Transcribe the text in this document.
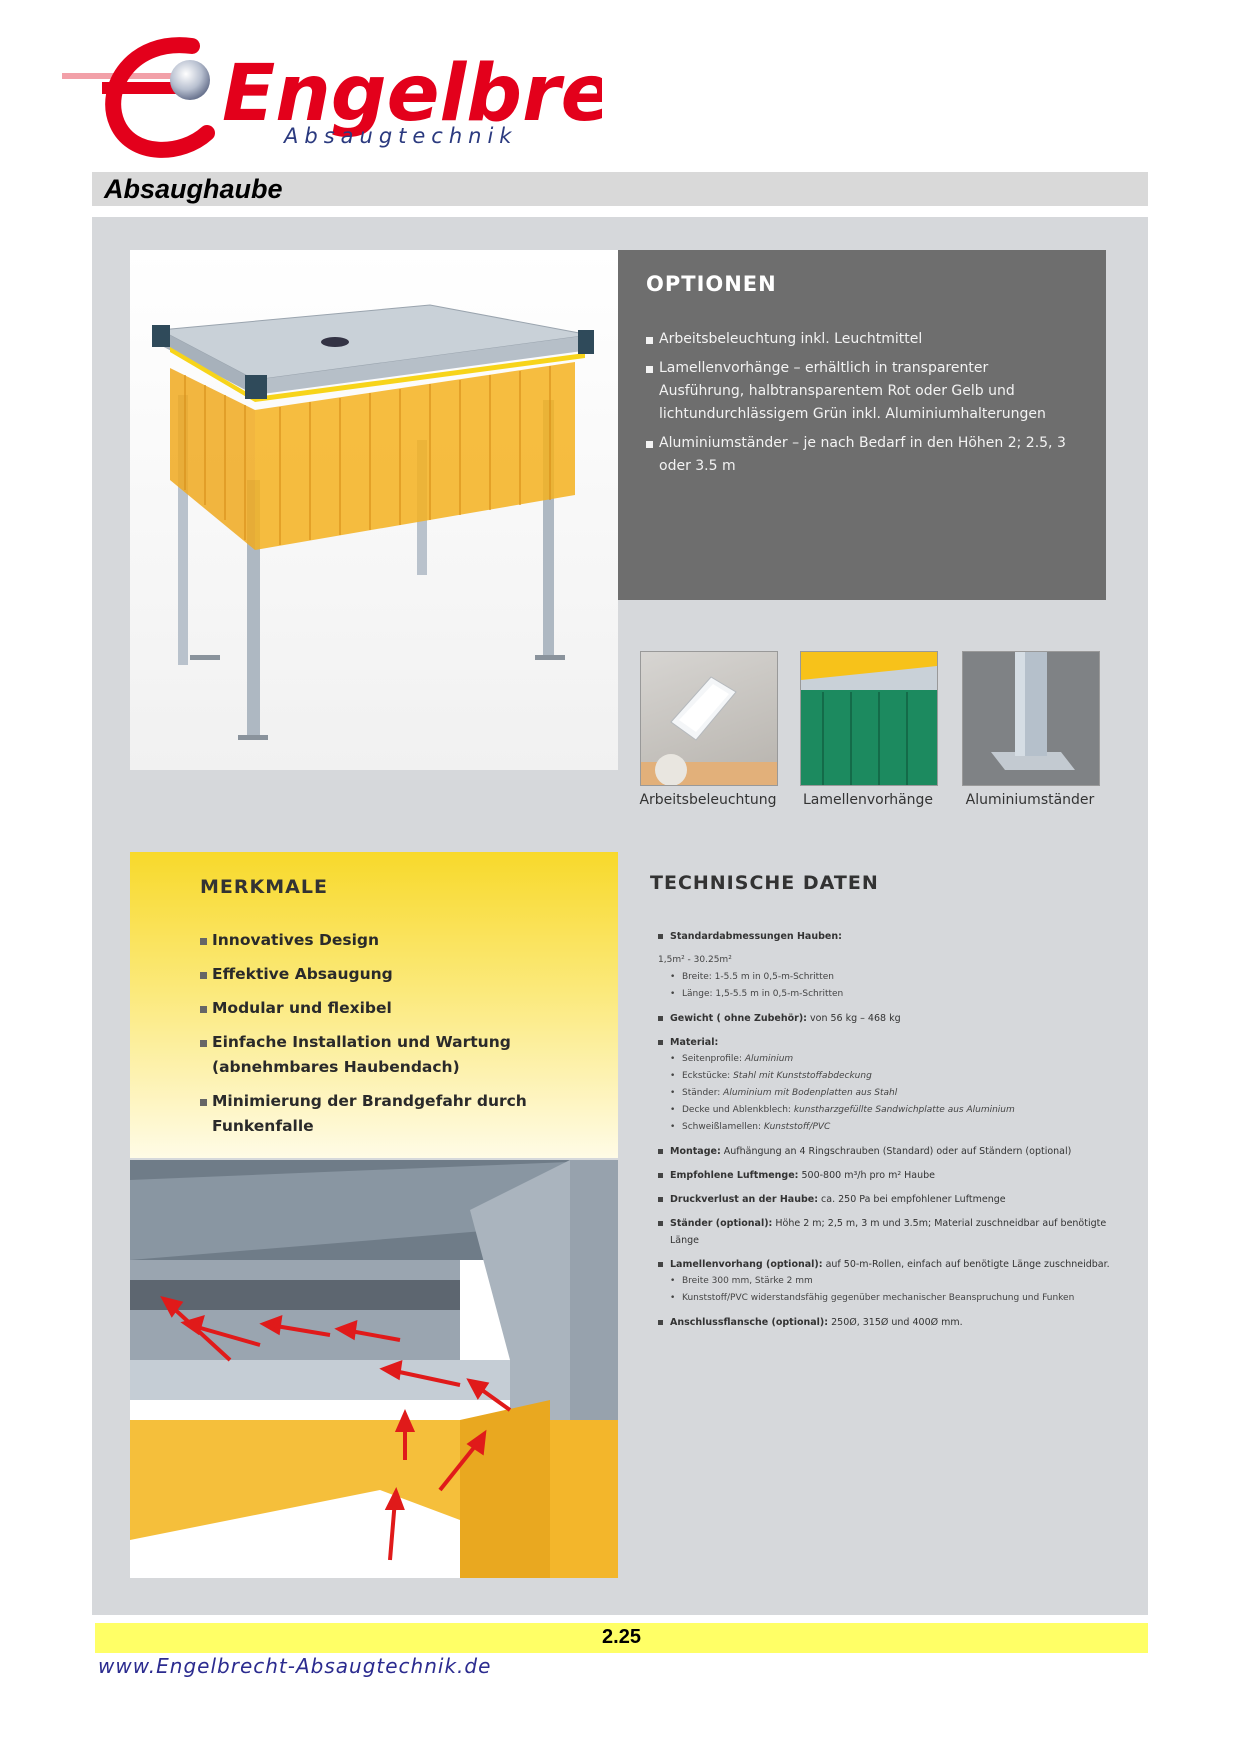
Engelbre
Absaugtechnik
Absaughaube
OPTIONEN
Arbeitsbeleuchtung inkl. Leuchtmittel
Lamellenvorhänge – erhältlich in transparenter Ausführung, halbtransparentem Rot oder Gelb und lichtundurchlässigem Grün inkl. Aluminiumhalterungen
Aluminiumständer – je nach Bedarf in den Höhen 2; 2.5, 3 oder 3.5 m
Arbeitsbeleuchtung	Lamellenvorhänge	Aluminiumständer
MERKMALE
Innovatives Design
Effektive Absaugung
Modular und flexibel
Einfache Installation und Wartung (abnehmbares Haubendach)
Minimierung der Brandgefahr durch Funkenfalle
TECHNISCHE DATEN
Standardabmessungen Hauben:
1,5m² - 30.25m²
• Breite: 1-5.5 m in 0,5-m-Schritten
• Länge: 1,5-5.5 m in 0,5-m-Schritten
Gewicht ( ohne Zubehör): von 56 kg – 468 kg
Material:
• Seitenprofile: Aluminium
• Eckstücke: Stahl mit Kunststoffabdeckung
• Ständer: Aluminium mit Bodenplatten aus Stahl
• Decke und Ablenkblech: kunstharzgefüllte Sandwichplatte aus Aluminium
• Schweißlamellen: Kunststoff/PVC
Montage: Aufhängung an 4 Ringschrauben (Standard) oder auf Ständern (optional)
Empfohlene Luftmenge: 500-800 m³/h pro m² Haube
Druckverlust an der Haube: ca. 250 Pa bei empfohlener Luftmenge
Ständer (optional): Höhe 2 m; 2,5 m, 3 m und 3.5m; Material zuschneidbar auf benötigte Länge
Lamellenvorhang (optional): auf 50-m-Rollen, einfach auf benötigte Länge zuschneidbar.
• Breite 300 mm, Stärke 2 mm
• Kunststoff/PVC widerstandsfähig gegenüber mechanischer Beanspruchung und Funken
Anschlussflansche (optional): 250Ø, 315Ø und 400Ø mm.
2.25
www.Engelbrecht-Absaugtechnik.de
